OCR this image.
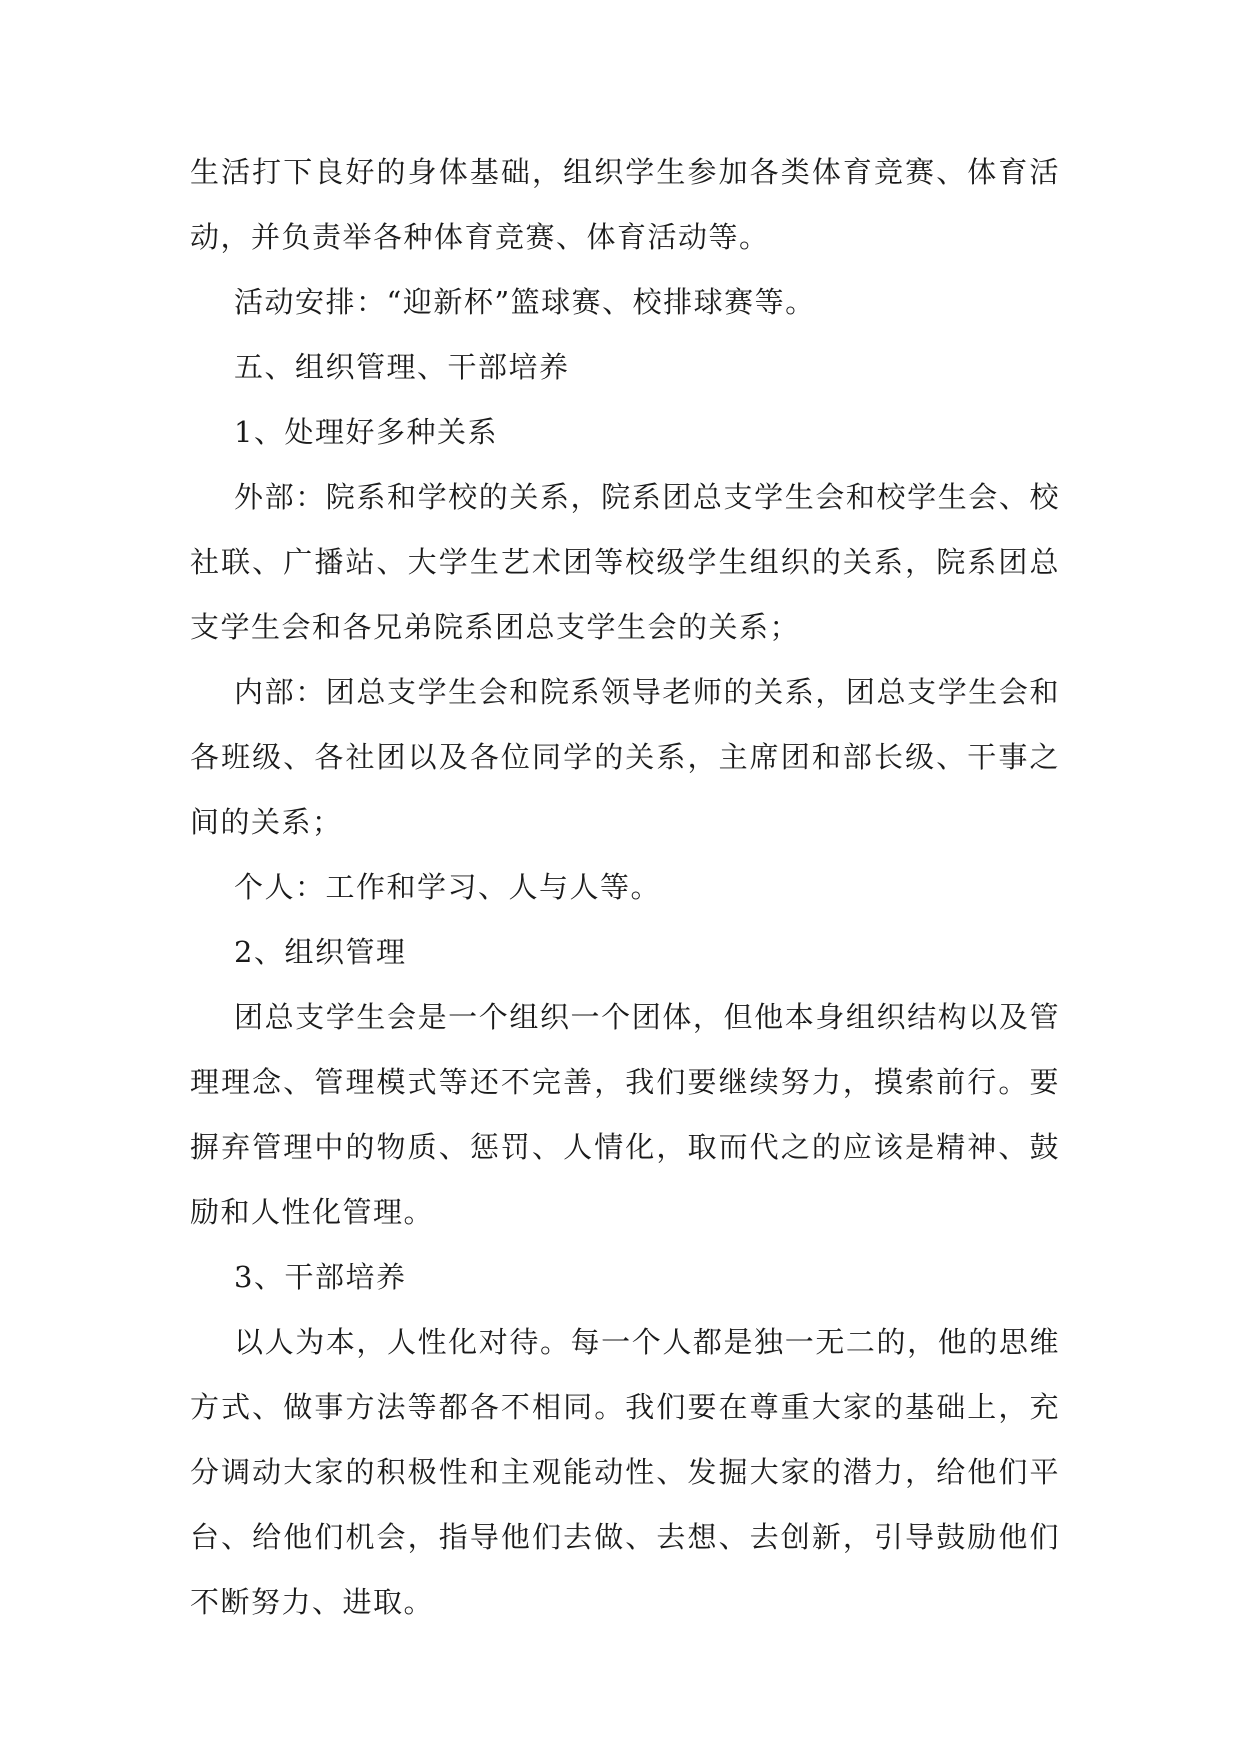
生活打下良好的身体基础，组织学生参加各类体育竞赛、体育活动，并负责举各种体育竞赛、体育活动等。

活动安排：“迎新杯”篮球赛、校排球赛等。

五、组织管理、干部培养

1、处理好多种关系

外部：院系和学校的关系，院系团总支学生会和校学生会、校社联、广播站、大学生艺术团等校级学生组织的关系，院系团总支学生会和各兄弟院系团总支学生会的关系；

内部：团总支学生会和院系领导老师的关系，团总支学生会和各班级、各社团以及各位同学的关系，主席团和部长级、干事之间的关系；

个人：工作和学习、人与人等。

2、组织管理

团总支学生会是一个组织一个团体，但他本身组织结构以及管理理念、管理模式等还不完善，我们要继续努力，摸索前行。要摒弃管理中的物质、惩罚、人情化，取而代之的应该是精神、鼓励和人性化管理。

3、干部培养

以人为本，人性化对待。每一个人都是独一无二的，他的思维方式、做事方法等都各不相同。我们要在尊重大家的基础上，充分调动大家的积极性和主观能动性、发掘大家的潜力，给他们平台、给他们机会，指导他们去做、去想、去创新，引导鼓励他们不断努力、进取。
